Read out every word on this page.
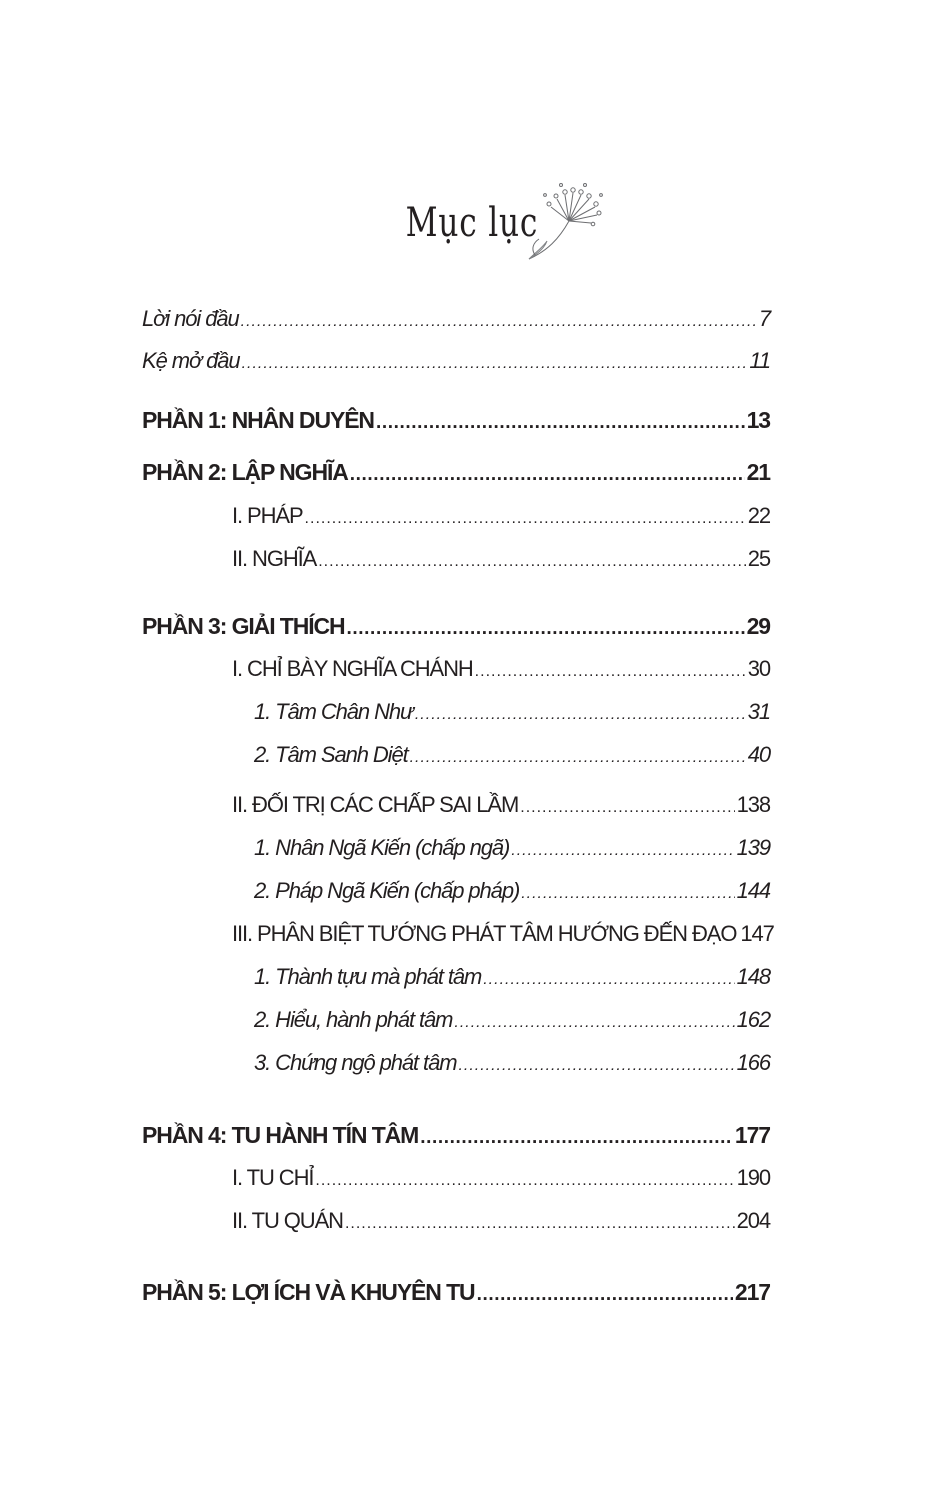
Mục lục
Lời nói đầu .....	7
Kệ mở đầu .....	11
PHẦN 1: NHÂN DUYÊN .....	13
PHẦN 2: LẬP NGHĨA .....	21
I. PHÁP .....	22
II. NGHĨA .....	25
PHẦN 3: GIẢI THÍCH .....	29
I. CHỈ BÀY NGHĨA CHÁNH .....	30
1. Tâm Chân Như .....	31
2. Tâm Sanh Diệt .....	40
II. ĐỐI TRỊ CÁC CHẤP SAI LẦM .....	138
1. Nhân Ngã Kiến (chấp ngã) .....	139
2. Pháp Ngã Kiến (chấp pháp) .....	144
III. PHÂN BIỆT TƯỚNG PHÁT TÂM HƯỚNG ĐẾN ĐẠO 147
1. Thành tựu mà phát tâm .....	148
2. Hiểu, hành phát tâm .....	162
3. Chứng ngộ phát tâm .....	166
PHẦN 4: TU HÀNH TÍN TÂM .....	177
I. TU CHỈ .....	190
II. TU QUÁN .....	204
PHẦN 5: LỢI ÍCH VÀ KHUYÊN TU .....	217
